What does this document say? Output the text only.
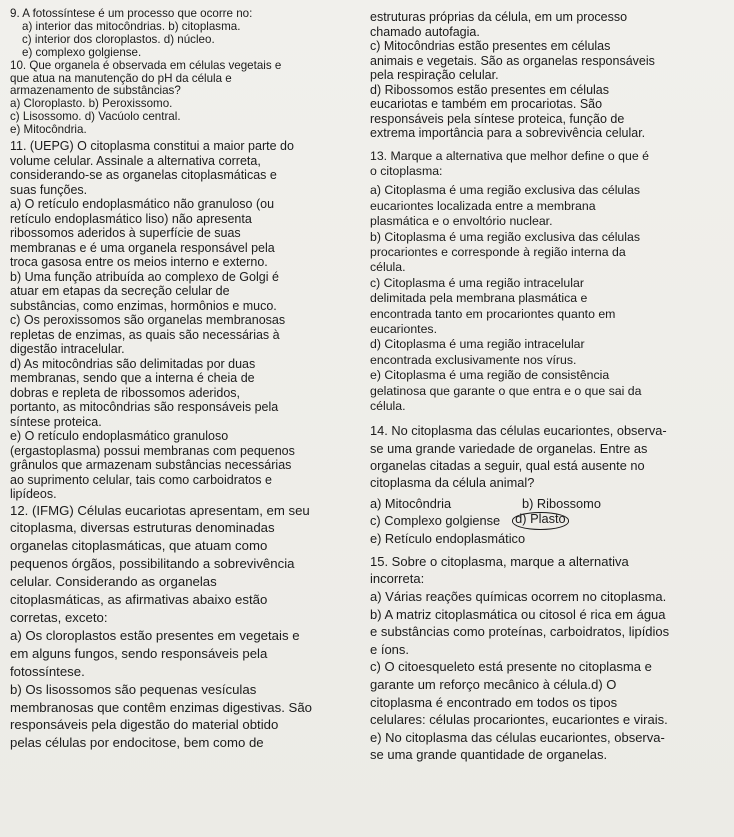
9. A fotossíntese é um processo que ocorre no:
a) interior das mitocôndrias. b) citoplasma.
c) interior dos cloroplastos. d) núcleo.
e) complexo golgiense.
10. Que organela é observada em células vegetais e
que atua na manutenção do pH da célula e
armazenamento de substâncias?
a) Cloroplasto. b) Peroxissomo.
c) Lisossomo. d) Vacúolo central.
e) Mitocôndria.
11. (UEPG) O citoplasma constitui a maior parte do
volume celular. Assinale a alternativa correta,
considerando-se as organelas citoplasmáticas e
suas funções.
a) O retículo endoplasmático não granuloso (ou
retículo endoplasmático liso) não apresenta
ribossomos aderidos à superfície de suas
membranas e é uma organela responsável pela
troca gasosa entre os meios interno e externo.
b) Uma função atribuída ao complexo de Golgi é
atuar em etapas da secreção celular de
substâncias, como enzimas, hormônios e muco.
c) Os peroxissomos são organelas membranosas
repletas de enzimas, as quais são necessárias à
digestão intracelular.
d) As mitocôndrias são delimitadas por duas
membranas, sendo que a interna é cheia de
dobras e repleta de ribossomos aderidos,
portanto, as mitocôndrias são responsáveis pela
síntese proteica.
e) O retículo endoplasmático granuloso
(ergastoplasma) possui membranas com pequenos
grânulos que armazenam substâncias necessárias
ao suprimento celular, tais como carboidratos e
lipídeos.
12. (IFMG) Células eucariotas apresentam, em seu
citoplasma, diversas estruturas denominadas
organelas citoplasmáticas, que atuam como
pequenos órgãos, possibilitando a sobrevivência
celular. Considerando as organelas
citoplasmáticas, as afirmativas abaixo estão
corretas, exceto:
a) Os cloroplastos estão presentes em vegetais e
em alguns fungos, sendo responsáveis pela
fotossíntese.
b) Os lisossomos são pequenas vesículas
membranosas que contêm enzimas digestivas. São
responsáveis pela digestão do material obtido
pelas células por endocitose, bem como de
estruturas próprias da célula, em um processo
chamado autofagia.
c) Mitocôndrias estão presentes em células
animais e vegetais. São as organelas responsáveis
pela respiração celular.
d) Ribossomos estão presentes em células
eucariotas e também em procariotas. São
responsáveis pela síntese proteica, função de
extrema importância para a sobrevivência celular.
13. Marque a alternativa que melhor define o que é
o citoplasma:
a) Citoplasma é uma região exclusiva das células
eucariontes localizada entre a membrana
plasmática e o envoltório nuclear.
b) Citoplasma é uma região exclusiva das células
procariontes e corresponde à região interna da
célula.
c) Citoplasma é uma região intracelular
delimitada pela membrana plasmática e
encontrada tanto em procariontes quanto em
eucariontes.
d) Citoplasma é uma região intracelular
encontrada exclusivamente nos vírus.
e) Citoplasma é uma região de consistência
gelatinosa que garante o que entra e o que sai da
célula.
14. No citoplasma das células eucariontes, observa-
se uma grande variedade de organelas. Entre as
organelas citadas a seguir, qual está ausente no
citoplasma da célula animal?
a) Mitocôndria	b) Ribossomo
c) Complexo golgiense d) Plasto
e) Retículo endoplasmático
15. Sobre o citoplasma, marque a alternativa
incorreta:
a) Várias reações químicas ocorrem no citoplasma.
b) A matriz citoplasmática ou citosol é rica em água
e substâncias como proteínas, carboidratos, lipídios
e íons.
c) O citoesqueleto está presente no citoplasma e
garante um reforço mecânico à célula.d) O
citoplasma é encontrado em todos os tipos
celulares: células procariontes, eucariontes e virais.
e) No citoplasma das células eucariontes, observa-
se uma grande quantidade de organelas.
